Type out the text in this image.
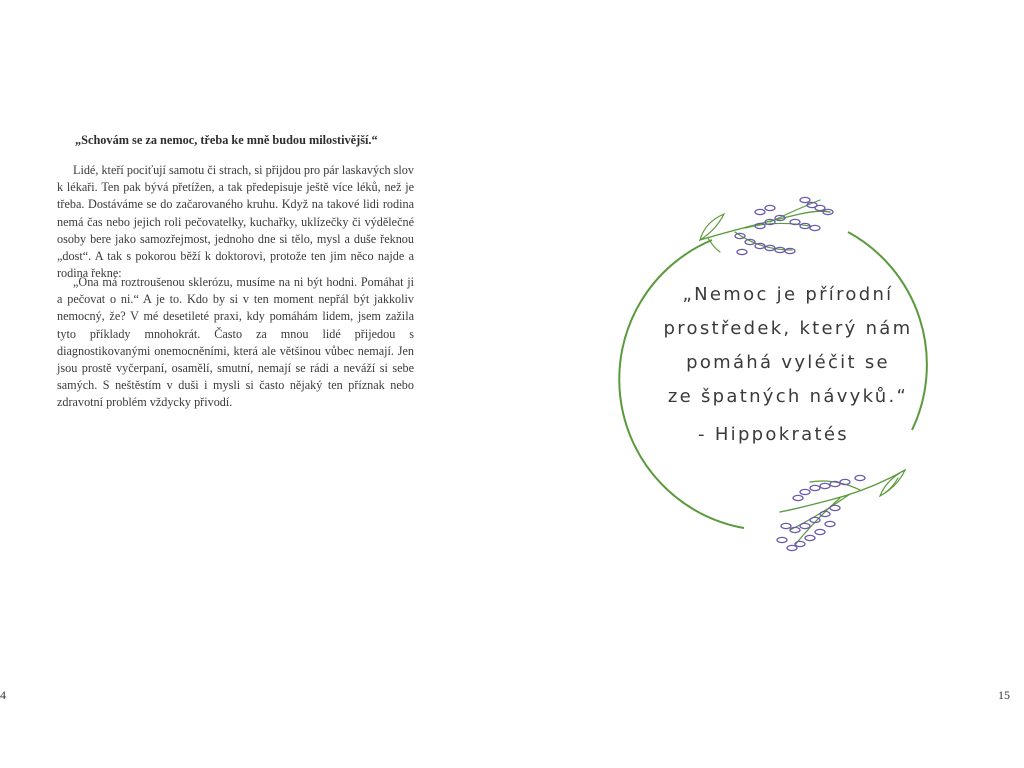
„Schovám se za nemoc, třeba ke mně budou milostivější.“

Lidé, kteří pociťují samotu či strach, si přijdou pro pár laskavých slov k lékaři. Ten pak bývá přetížen, a tak předepisuje ještě více léků, než je třeba. Dostáváme se do začarovaného kruhu. Když na takové lidi rodina nemá čas nebo jejich roli pečovatelky, kuchařky, uklízečky či výdělečné osoby bere jako samozřejmost, jednoho dne si tělo, mysl a duše řeknou „dost“. A tak s pokorou běží k doktorovi, protože ten jim něco najde a rodina řekne:

„Ona má roztroušenou sklerózu, musíme na ni být hodni. Pomáhat ji a pečovat o ni.“ A je to. Kdo by si v ten moment nepřál být jakkoliv nemocný, že? V mé desetileté praxi, kdy pomáhám lidem, jsem zažila tyto příklady mnohokrát. Často za mnou lidé přijedou s diagnostikovanými onemocněními, která ale většinou vůbec nemají. Jen jsou prostě vyčerpaní, osamělí, smutní, nemají se rádi a neváží si sebe samých. S neštěstím v duši i mysli si často nějaký ten příznak nebo zdravotní problém vždycky přivodí.

4
„Nemoc je přírodní
prostředek, který nám
pomáhá vyléčit se
ze špatných návyků.“
- Hippokratés
15
